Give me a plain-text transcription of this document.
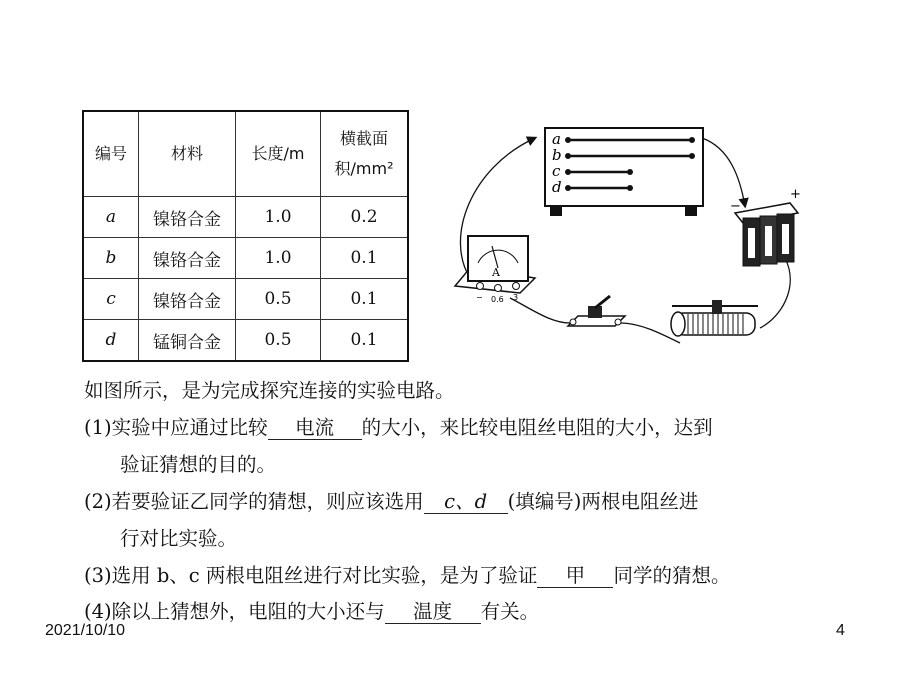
编号	材料	长度/m	横截面积/mm²
a	镍铬合金	1.0	0.2
b	镍铬合金	1.0	0.1
c	镍铬合金	0.5	0.1
d	锰铜合金	0.5	0.1
a
b
c
d
−
+
A
− 0.6 3
如图所示，是为完成探究连接的实验电路。
(1)实验中应通过比较 电流 的大小，来比较电阻丝电阻的大小，达到
验证猜想的目的。
(2)若要验证乙同学的猜想，则应该选用 c、d (填编号)两根电阻丝进
行对比实验。
(3)选用 b、c 两根电阻丝进行对比实验，是为了验证 甲 同学的猜想。
(4)除以上猜想外，电阻的大小还与 温度 有关。
2021/10/10	4
